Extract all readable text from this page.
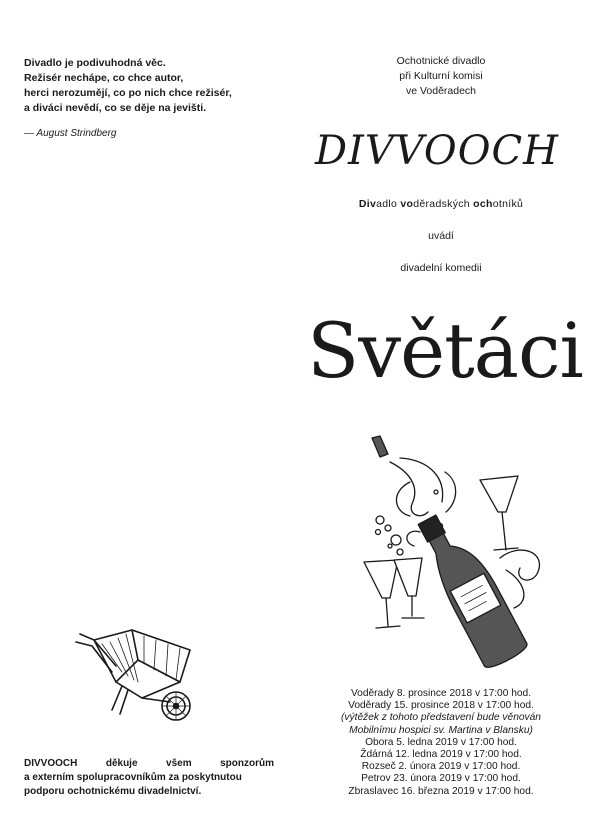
Divadlo je podivuhodná věc.
Režisér nechápe, co chce autor,
herci nerozumějí, co po nich chce režisér,
a diváci nevědí, co se děje na jevišti.
— August Strindberg
DIVVOOCH děkuje všem sponzorům
a externím spolupracovníkům za poskytnutou
podporu ochotnickému divadelnictví.
Ochotnické divadlo
při Kulturní komisi
ve Voděradech
DIVVOOCH
Divadlo voděradských ochotníků
uvádí
divadelní komedii
Světáci
Voděrady 8. prosince 2018 v 17:00 hod.
Voděrady 15. prosince 2018 v 17:00 hod.
(výtěžek z tohoto představení bude věnován
Mobilnímu hospici sv. Martina v Blansku)
Obora 5. ledna 2019 v 17:00 hod.
Ždárná 12. ledna 2019 v 17:00 hod.
Rozseč 2. února 2019 v 17:00 hod.
Petrov 23. února 2019 v 17:00 hod.
Zbraslavec 16. března 2019 v 17:00 hod.
